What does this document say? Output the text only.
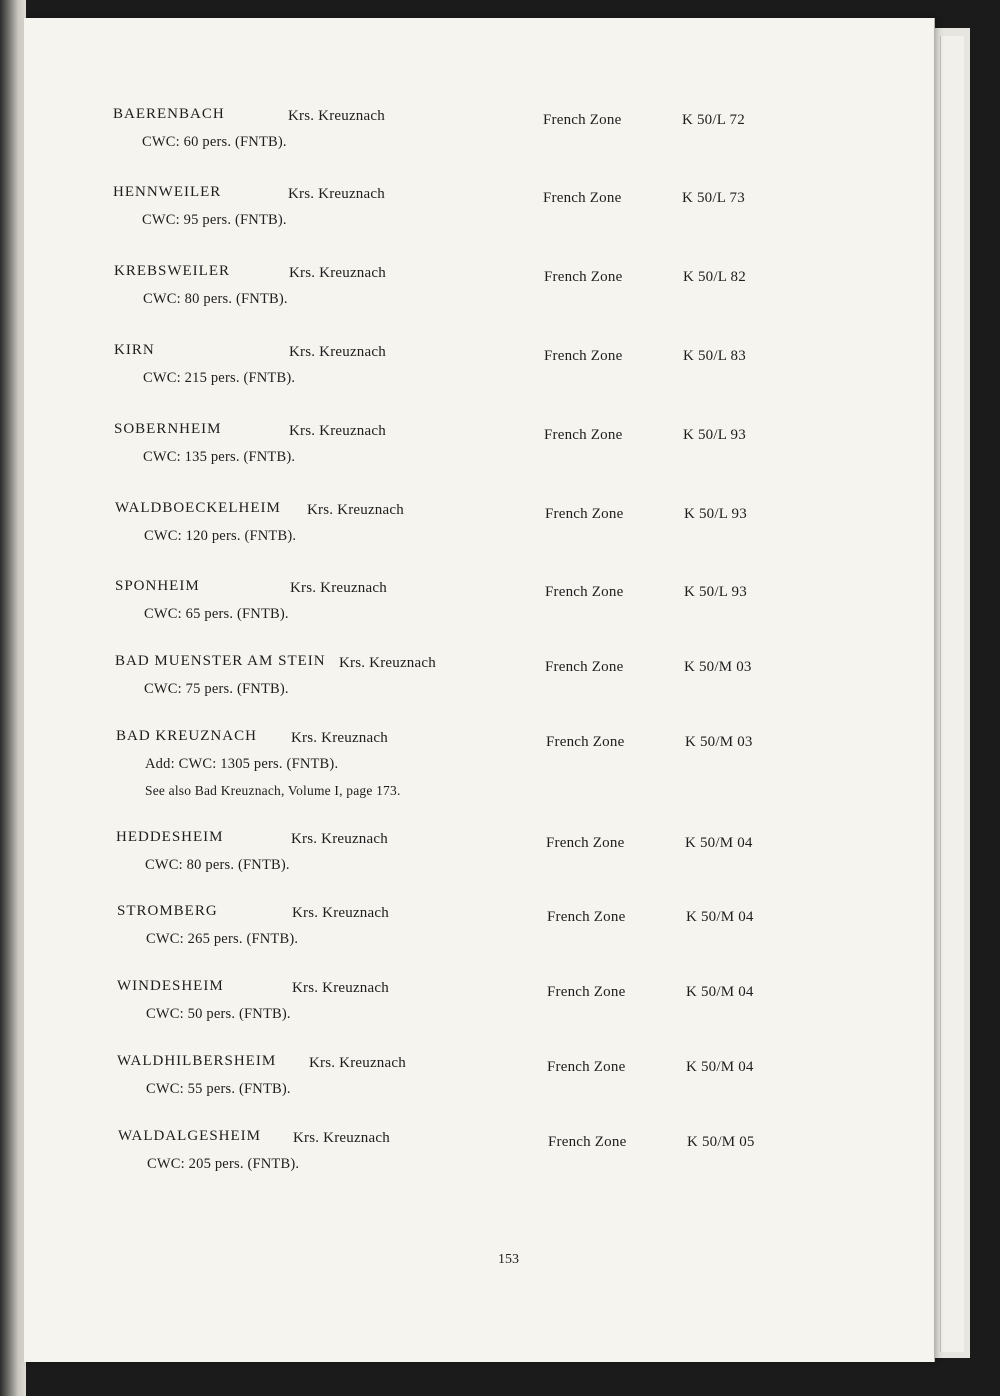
BAERENBACH	Krs. Kreuznach	French Zone	K 50/L 72
CWC: 60 pers. (FNTB).
HENNWEILER	Krs. Kreuznach	French Zone	K 50/L 73
CWC: 95 pers. (FNTB).
KREBSWEILER	Krs. Kreuznach	French Zone	K 50/L 82
CWC: 80 pers. (FNTB).
KIRN	Krs. Kreuznach	French Zone	K 50/L 83
CWC: 215 pers. (FNTB).
SOBERNHEIM	Krs. Kreuznach	French Zone	K 50/L 93
CWC: 135 pers. (FNTB).
WALDBOECKELHEIM Krs. Kreuznach	French Zone	K 50/L 93
CWC: 120 pers. (FNTB).
SPONHEIM	Krs. Kreuznach	French Zone	K 50/L 93
CWC: 65 pers. (FNTB).
BAD MUENSTER AM STEIN Krs. Kreuznach	French Zone	K 50/M 03
CWC: 75 pers. (FNTB).
BAD KREUZNACH Krs. Kreuznach	French Zone	K 50/M 03
Add: CWC: 1305 pers. (FNTB).
See also Bad Kreuznach, Volume I, page 173.
HEDDESHEIM	Krs. Kreuznach	French Zone	K 50/M 04
CWC: 80 pers. (FNTB).
STROMBERG	Krs. Kreuznach	French Zone	K 50/M 04
CWC: 265 pers. (FNTB).
WINDESHEIM	Krs. Kreuznach	French Zone	K 50/M 04
CWC: 50 pers. (FNTB).
WALDHILBERSHEIM Krs. Kreuznach	French Zone	K 50/M 04
CWC: 55 pers. (FNTB).
WALDALGESHEIM Krs. Kreuznach	French Zone	K 50/M 05
CWC: 205 pers. (FNTB).
153
